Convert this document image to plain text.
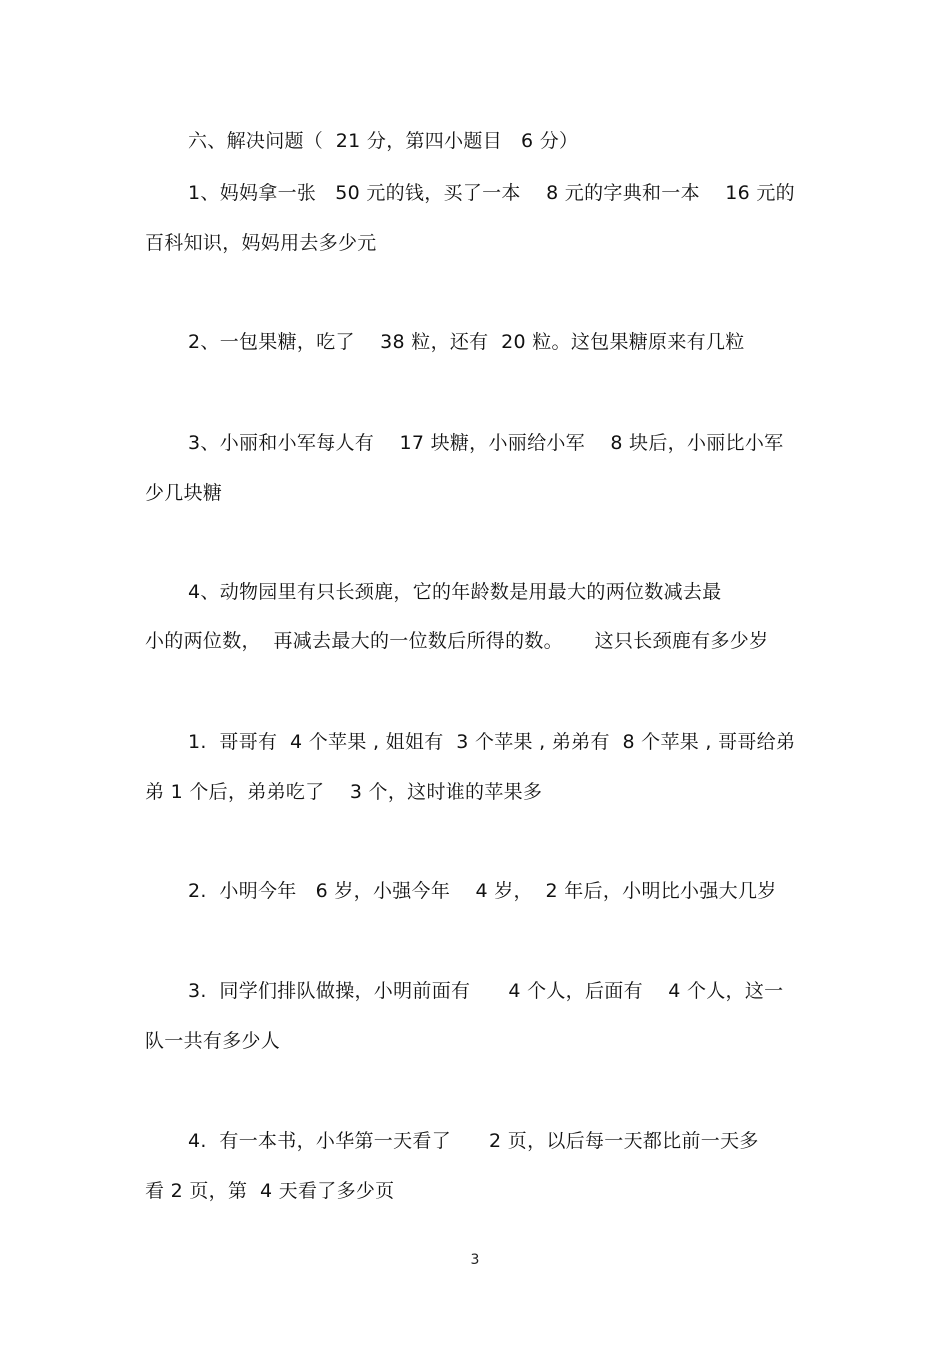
六、解决问题（  21 分，第四小题目   6 分）
1、妈妈拿一张   50 元的钱，买了一本    8 元的字典和一本    16 元的
百科知识，妈妈用去多少元
2、一包果糖，吃了    38 粒，还有  20 粒。这包果糖原来有几粒
3、小丽和小军每人有    17 块糖，小丽给小军    8 块后，小丽比小军
少几块糖
4、动物园里有只长颈鹿，它的年龄数是用最大的两位数减去最
小的两位数，  再减去最大的一位数后所得的数。     这只长颈鹿有多少岁
1.  哥哥有  4 个苹果 , 姐姐有  3 个苹果 , 弟弟有  8 个苹果 , 哥哥给弟
弟 1 个后，弟弟吃了    3 个，这时谁的苹果多
2.  小明今年   6 岁，小强今年    4 岁，  2 年后，小明比小强大几岁
3.  同学们排队做操，小明前面有      4 个人，后面有    4 个人，这一
队一共有多少人
4.  有一本书，小华第一天看了      2 页，以后每一天都比前一天多
看 2 页，第  4 天看了多少页
3
